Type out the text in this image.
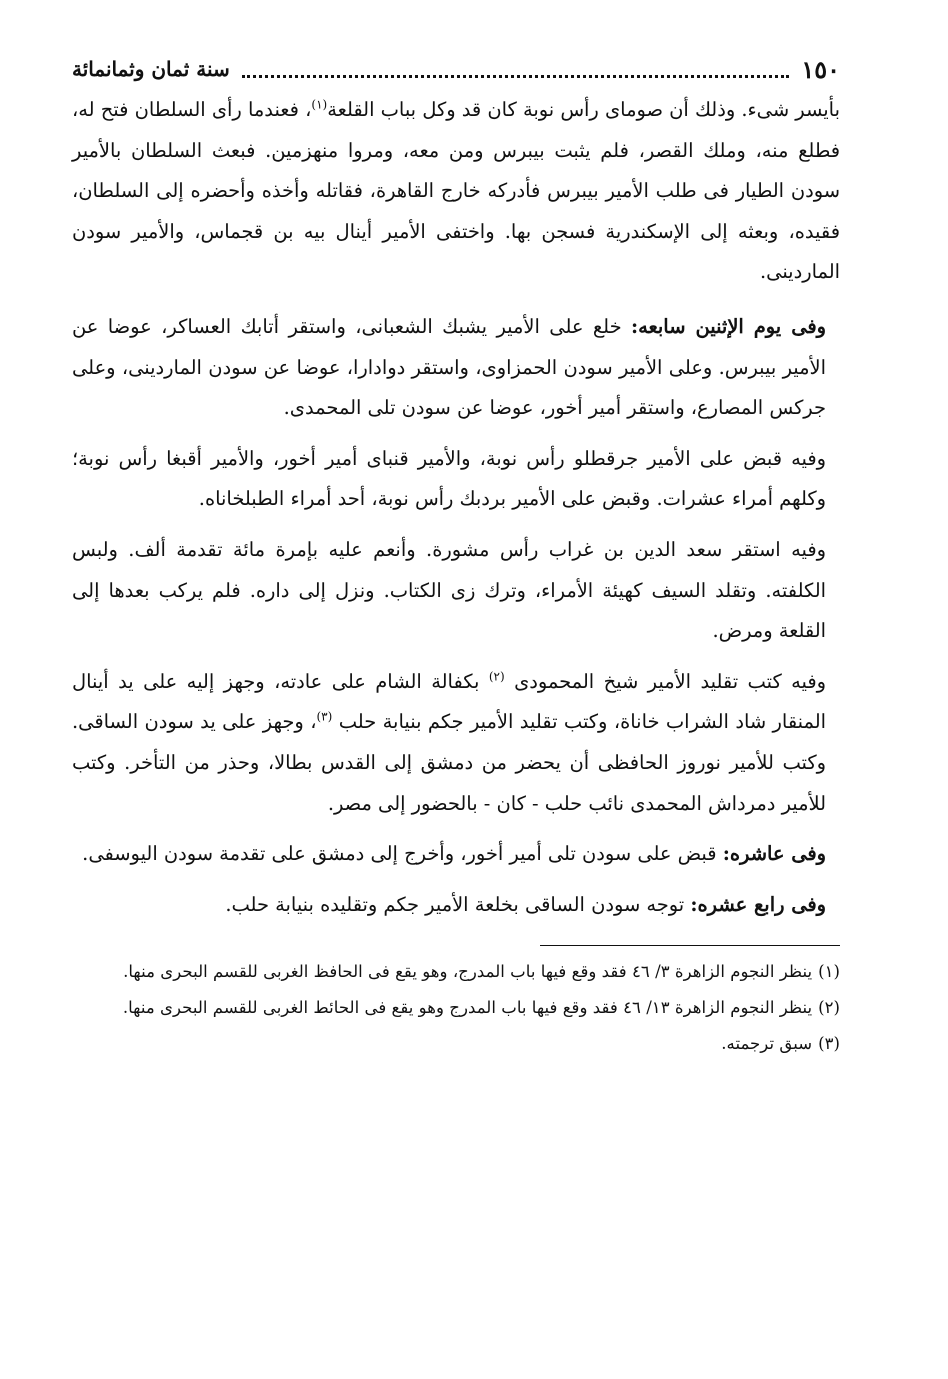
١٥٠
سنة ثمان وثمانمائة

بأيسر شىء. وذلك أن صوماى رأس نوبة كان قد وكل بباب القلعة$^{(١)}$، فعندما رأى السلطان فتح له، فطلع منه، وملك القصر، فلم يثبت بيبرس ومن معه، ومروا منهزمين. فبعث السلطان بالأمير سودن الطيار فى طلب الأمير بيبرس فأدركه خارج القاهرة، فقاتله وأخذه وأحضره إلى السلطان، فقيده، وبعثه إلى الإسكندرية فسجن بها. واختفى الأمير أينال بيه بن قجماس، والأمير سودن الماردينى.

وفى يوم الإثنين سابعه: خلع على الأمير يشبك الشعبانى، واستقر أتابك العساكر، عوضا عن الأمير بيبرس. وعلى الأمير سودن الحمزاوى، واستقر دوادارا، عوضا عن سودن الماردينى، وعلى جركس المصارع، واستقر أمير أخور، عوضا عن سودن تلى المحمدى.

وفيه قبض على الأمير جرقطلو رأس نوبة، والأمير قنباى أمير أخور، والأمير أقبغا رأس نوبة؛ وكلهم أمراء عشرات. وقبض على الأمير بردبك رأس نوبة، أحد أمراء الطبلخاناه.

وفيه استقر سعد الدين بن غراب رأس مشورة. وأنعم عليه بإمرة مائة تقدمة ألف. ولبس الكلفته. وتقلد السيف كهيئة الأمراء، وترك زى الكتاب. ونزل إلى داره. فلم يركب بعدها إلى القلعة ومرض.

وفيه كتب تقليد الأمير شيخ المحمودى $^{(٢)}$ بكفالة الشام على عادته، وجهز إليه على يد أينال المنقار شاد الشراب خاناة، وكتب تقليد الأمير جكم بنيابة حلب $^{(٣)}$، وجهز على يد سودن الساقى. وكتب للأمير نوروز الحافظى أن يحضر من دمشق إلى القدس بطالا، وحذر من التأخر. وكتب للأمير دمرداش المحمدى نائب حلب - كان - بالحضور إلى مصر.

وفى عاشره: قبض على سودن تلى أمير أخور، وأخرج إلى دمشق على تقدمة سودن اليوسفى.

وفى رابع عشره: توجه سودن الساقى بخلعة الأمير جكم وتقليده بنيابة حلب.

(١)ينظر النجوم الزاهرة ٣/ ٤٦ فقد وقع فيها باب المدرج، وهو يقع فى الحافظ الغربى للقسم البحرى منها.

(٢)ينظر النجوم الزاهرة ١٣/ ٤٦ فقد وقع فيها باب المدرج وهو يقع فى الحائط الغربى للقسم البحرى منها.

(٣)سبق ترجمته.
